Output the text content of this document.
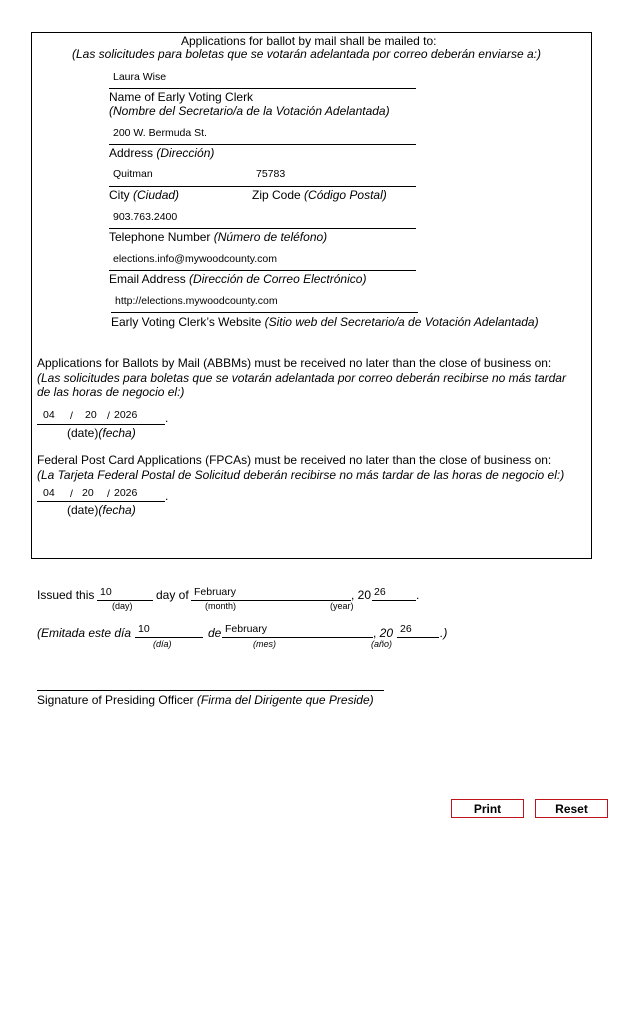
Applications for ballot by mail shall be mailed to:
(Las solicitudes para boletas que se votarán adelantada por correo deberán enviarse a:)
Laura Wise
Name of Early Voting Clerk
(Nombre del Secretario/a de la Votación Adelantada)
200 W. Bermuda St.
Address (Dirección)
Quitman	75783
City (Ciudad)	Zip Code (Código Postal)
903.763.2400
Telephone Number (Número de teléfono)
elections.info@mywoodcounty.com
Email Address (Dirección de Correo Electrónico)
http://elections.mywoodcounty.com
Early Voting Clerk’s Website (Sitio web del Secretario/a de Votación Adelantada)
Applications for Ballots by Mail (ABBMs) must be received no later than the close of business on:
(Las solicitudes para boletas que se votarán adelantada por correo deberán recibirse no más tardar
de las horas de negocio el:)
04 / 20 / 2026 .
(date)(fecha)
Federal Post Card Applications (FPCAs) must be received no later than the close of business on:
(La Tarjeta Federal Postal de Solicitud deberán recibirse no más tardar de las horas de negocio el:)
04 / 20 / 2026 .
(date)(fecha)
Issued this 10	day of February	, 20 26	.
(day)	(month)	(year)
(Emitada este día 10	de February	, 20 26 .)
(día)	(mes)	(año)
Signature of Presiding Officer (Firma del Dirigente que Preside)
Print	Reset
